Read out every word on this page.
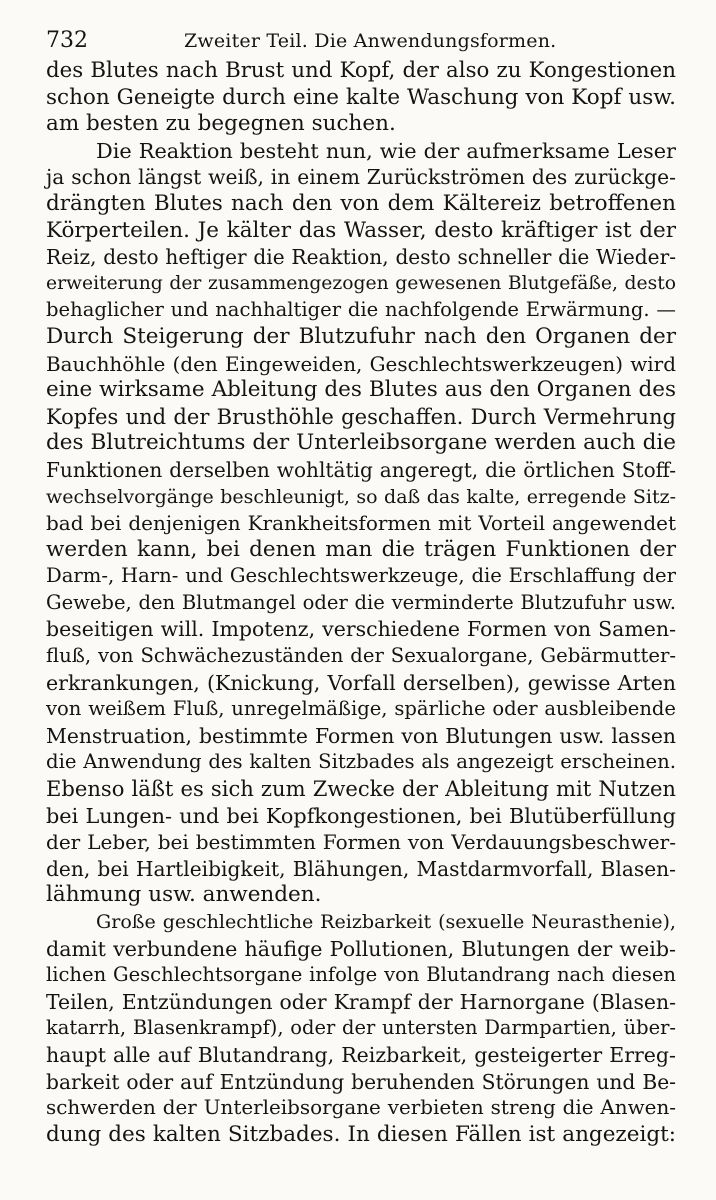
732	Zweiter Teil. Die Anwendungsformen.

des Blutes nach Brust und Kopf, der also zu Kongestionen
schon Geneigte durch eine kalte Waschung von Kopf usw.
am besten zu begegnen suchen.

Die Reaktion besteht nun, wie der aufmerksame Leser
ja schon längst weiß, in einem Zurückströmen des zurückge-
drängten Blutes nach den von dem Kältereiz betroffenen
Körperteilen. Je kälter das Wasser, desto kräftiger ist der
Reiz, desto heftiger die Reaktion, desto schneller die Wieder-
erweiterung der zusammengezogen gewesenen Blutgefäße, desto
behaglicher und nachhaltiger die nachfolgende Erwärmung. —
Durch Steigerung der Blutzufuhr nach den Organen der
Bauchhöhle (den Eingeweiden, Geschlechtswerkzeugen) wird
eine wirksame Ableitung des Blutes aus den Organen des
Kopfes und der Brusthöhle geschaffen. Durch Vermehrung
des Blutreichtums der Unterleibsorgane werden auch die
Funktionen derselben wohltätig angeregt, die örtlichen Stoff-
wechselvorgänge beschleunigt, so daß das kalte, erregende Sitz-
bad bei denjenigen Krankheitsformen mit Vorteil angewendet
werden kann, bei denen man die trägen Funktionen der
Darm-, Harn- und Geschlechtswerkzeuge, die Erschlaffung der
Gewebe, den Blutmangel oder die verminderte Blutzufuhr usw.
beseitigen will. Impotenz, verschiedene Formen von Samen-
fluß, von Schwächezuständen der Sexualorgane, Gebärmutter-
erkrankungen, (Knickung, Vorfall derselben), gewisse Arten
von weißem Fluß, unregelmäßige, spärliche oder ausbleibende
Menstruation, bestimmte Formen von Blutungen usw. lassen
die Anwendung des kalten Sitzbades als angezeigt erscheinen.
Ebenso läßt es sich zum Zwecke der Ableitung mit Nutzen
bei Lungen- und bei Kopfkongestionen, bei Blutüberfüllung
der Leber, bei bestimmten Formen von Verdauungsbeschwer-
den, bei Hartleibigkeit, Blähungen, Mastdarmvorfall, Blasen-
lähmung usw. anwenden.

Große geschlechtliche Reizbarkeit (sexuelle Neurasthenie),
damit verbundene häufige Pollutionen, Blutungen der weib-
lichen Geschlechtsorgane infolge von Blutandrang nach diesen
Teilen, Entzündungen oder Krampf der Harnorgane (Blasen-
katarrh, Blasenkrampf), oder der untersten Darmpartien, über-
haupt alle auf Blutandrang, Reizbarkeit, gesteigerter Erreg-
barkeit oder auf Entzündung beruhenden Störungen und Be-
schwerden der Unterleibsorgane verbieten streng die Anwen-
dung des kalten Sitzbades. In diesen Fällen ist angezeigt:
